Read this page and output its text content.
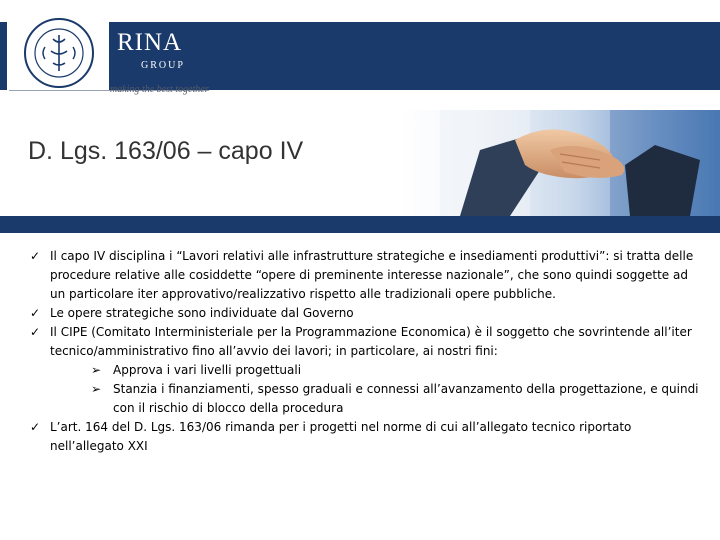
RINA
GROUP
making the best together
D. Lgs. 163/06 – capo IV
✓ Il capo IV disciplina i “Lavori relativi alle infrastrutture strategiche e insediamenti produttivi”: si tratta delle procedure relative alle cosiddette “opere di preminente interesse nazionale”, che sono quindi soggette ad un particolare iter approvativo/realizzativo rispetto alle tradizionali opere pubbliche.
✓ Le opere strategiche sono individuate dal Governo
✓ Il CIPE (Comitato Interministeriale per la Programmazione Economica) è il soggetto che sovrintende all’iter tecnico/amministrativo fino all’avvio dei lavori; in particolare, ai nostri fini:
➢ Approva i vari livelli progettuali
➢ Stanzia i finanziamenti, spesso graduali e connessi all’avanzamento della progettazione, e quindi con il rischio di blocco della procedura
✓ L’art. 164 del D. Lgs. 163/06 rimanda per i progetti nel norme di cui all’allegato tecnico riportato nell’allegato XXI
